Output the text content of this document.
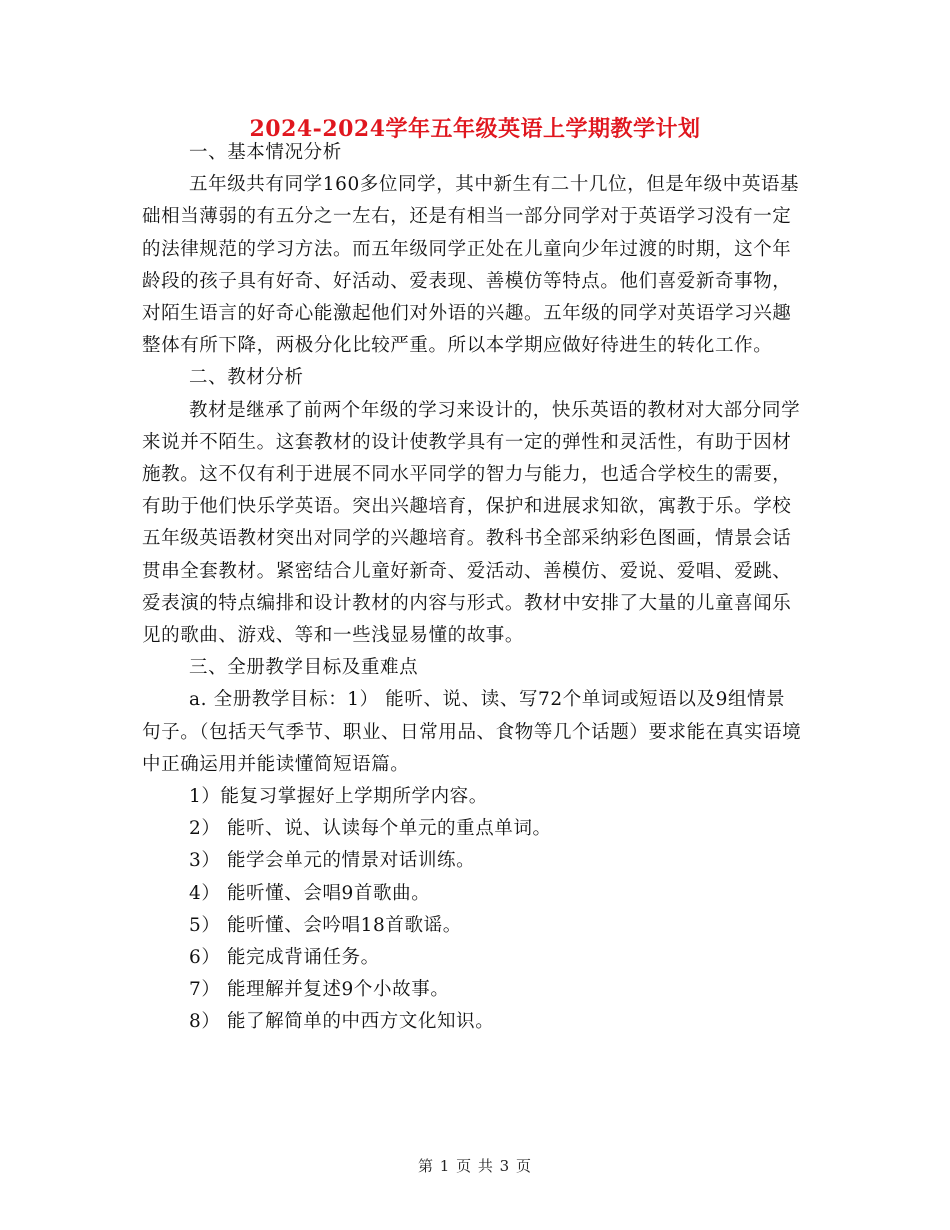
2024-2024学年五年级英语上学期教学计划

一、基本情况分析

五年级共有同学160多位同学，其中新生有二十几位，但是年级中英语基础相当薄弱的有五分之一左右，还是有相当一部分同学对于英语学习没有一定的法律规范的学习方法。而五年级同学正处在儿童向少年过渡的时期，这个年龄段的孩子具有好奇、好活动、爱表现、善模仿等特点。他们喜爱新奇事物，对陌生语言的好奇心能激起他们对外语的兴趣。五年级的同学对英语学习兴趣整体有所下降，两极分化比较严重。所以本学期应做好待进生的转化工作。

二、教材分析

教材是继承了前两个年级的学习来设计的，快乐英语的教材对大部分同学来说并不陌生。这套教材的设计使教学具有一定的弹性和灵活性，有助于因材施教。这不仅有利于进展不同水平同学的智力与能力，也适合学校生的需要，有助于他们快乐学英语。突出兴趣培育，保护和进展求知欲，寓教于乐。学校五年级英语教材突出对同学的兴趣培育。教科书全部采纳彩色图画，情景会话贯串全套教材。紧密结合儿童好新奇、爱活动、善模仿、爱说、爱唱、爱跳、爱表演的特点编排和设计教材的内容与形式。教材中安排了大量的儿童喜闻乐见的歌曲、游戏、等和一些浅显易懂的故事。

三、全册教学目标及重难点

a. 全册教学目标：1） 能听、说、读、写72个单词或短语以及9组情景句子。（包括天气季节、职业、日常用品、食物等几个话题）要求能在真实语境中正确运用并能读懂简短语篇。

1）能复习掌握好上学期所学内容。

2） 能听、说、认读每个单元的重点单词。

3） 能学会单元的情景对话训练。

4） 能听懂、会唱9首歌曲。

5） 能听懂、会吟唱18首歌谣。

6） 能完成背诵任务。

7） 能理解并复述9个小故事。

8） 能了解简单的中西方文化知识。

第 1 页 共 3 页
